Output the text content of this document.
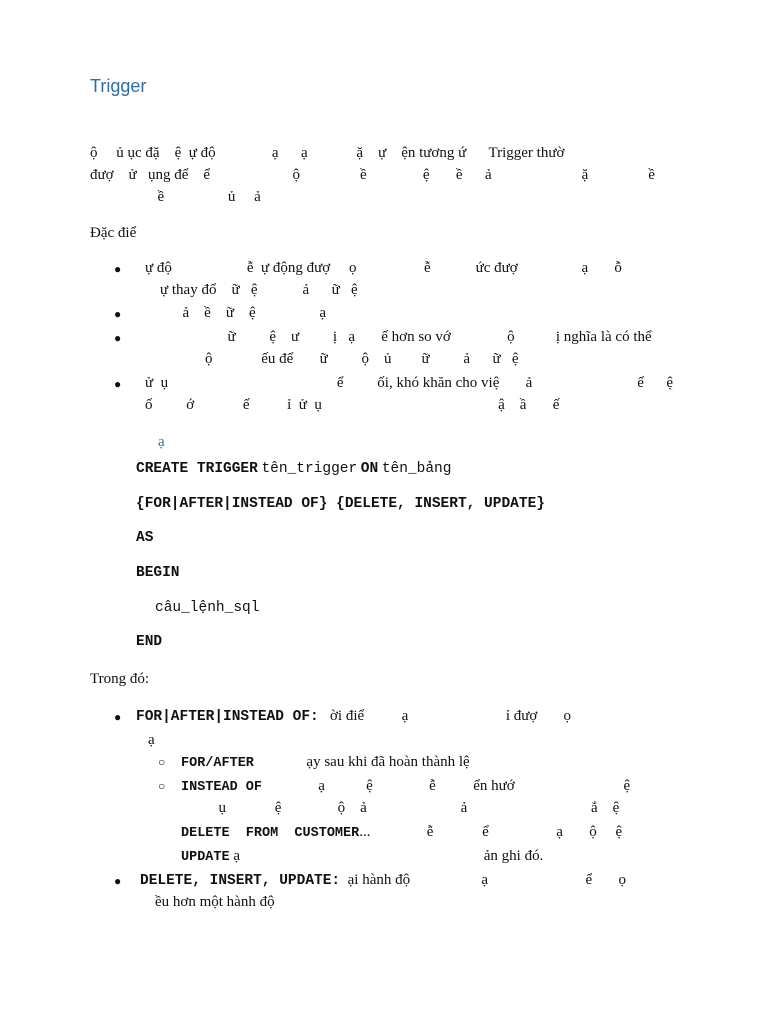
Trigger
ộ     ủ ục đặ    ệ  ự độ               ạ      ạ             ặ    ự    ện tương ứ      Trigger thườ
đượ    ử   ụng để    ể                      ộ                ề               ệ       ề      ả                        ặ                ề
ề                 ủ     ả
Đặc điể
● ự độ                    ễ  ự động đượ     ọ                  ễ            ức đượ                 ạ       ỗ
ự thay đổ    ữ   ệ            ả      ữ   ệ
● ả    ề    ữ    ệ                 ạ
● ữ         ệ    ư         ị   ạ       ế hơn so vớ               ộ           ị nghĩa là có thể
ộ             ếu để       ữ         ộ    ủ        ữ         ả      ữ   ệ
● ử  ụ                                             ể         ối, khó khăn cho việ       ả                            ể      ệ
ố         ớ             ế          ỉ  ử  ụ                                               ậ    ầ       ế
ạ
CREATE TRIGGER tên_trigger ON tên_bảng
{FOR|AFTER|INSTEAD OF} {DELETE, INSERT, UPDATE}
AS
BEGIN
câu_lệnh_sql
END
Trong đó:
● FOR|AFTER|INSTEAD OF:   ời điể          ạ                          ỉ đượ       ọ
ạ
○ FOR/AFTER              ạy sau khi đã hoàn thành lệ
○ INSTEAD OF               ạ           ệ               ễ          ển hướ                             ệ
ụ             ệ               ộ    ả                         ả                                 ắ    ệ
DELETE  FROM  CUSTOMER...               ễ             ể                  ạ       ộ     ệ
UPDATE ạ                                                                 ản ghi đó.
● DELETE, INSERT, UPDATE:  ại hành độ                   ạ                          ể       ọ
ều hơn một hành độ
